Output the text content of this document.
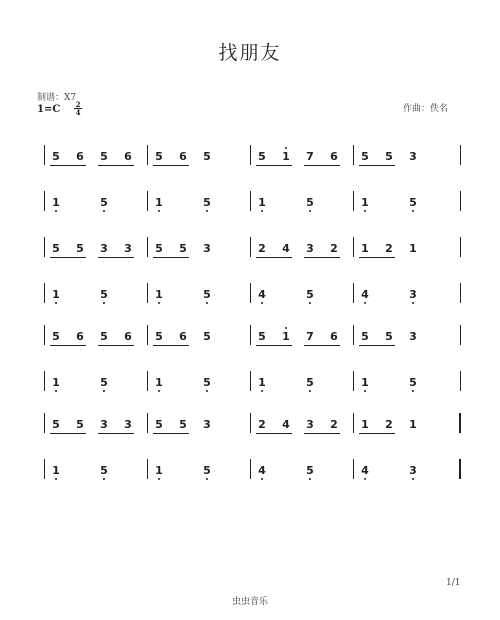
找朋友
制谱：X7
1=C 2
4	作曲：佚名
5 6 5 6 5 6 5	5 1 7 6 5 5 3
1	5	1	5	1	5	1	5
5 5 3 3 5 5 3	2 4 3 2 1 2 1
1	5	1	5	4	5	4	3
5 6 5 6 5 6 5	5 1 7 6 5 5 3
1	5	1	5	1	5	1	5
5 5 3 3 5 5 3	2 4 3 2 1 2 1
1	5	1	5	4	5	4	3
1/1
虫虫音乐
